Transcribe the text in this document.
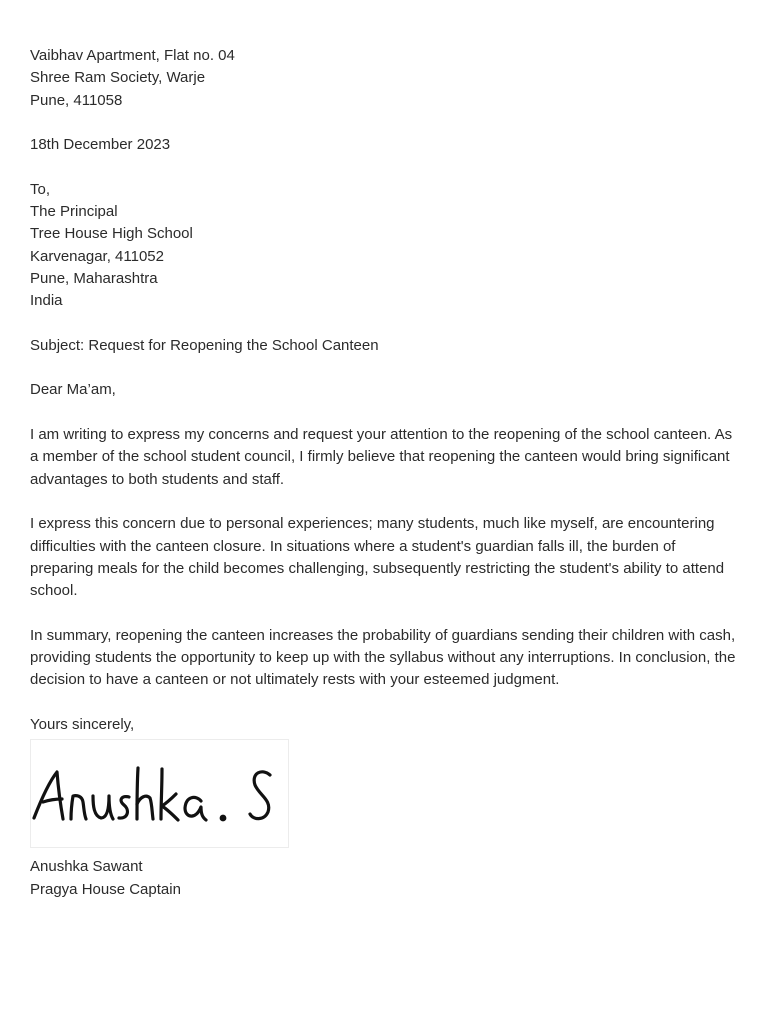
Vaibhav Apartment, Flat no. 04
Shree Ram Society, Warje
Pune, 411058
18th December 2023
To,
The Principal
Tree House High School
Karvenagar, 411052
Pune, Maharashtra
India
Subject: Request for Reopening the School Canteen
Dear Ma’am,

I am writing to express my concerns and request your attention to the reopening of the school canteen. As a member of the school student council, I firmly believe that reopening the canteen would bring significant advantages to both students and staff.

I express this concern due to personal experiences; many students, much like myself, are encountering difficulties with the canteen closure. In situations where a student's guardian falls ill, the burden of preparing meals for the child becomes challenging, subsequently restricting the student's ability to attend school.

In summary, reopening the canteen increases the probability of guardians sending their children with cash, providing students the opportunity to keep up with the syllabus without any interruptions. In conclusion, the decision to have a canteen or not ultimately rests with your esteemed judgment.

Yours sincerely,
Anushka Sawant
Pragya House Captain
